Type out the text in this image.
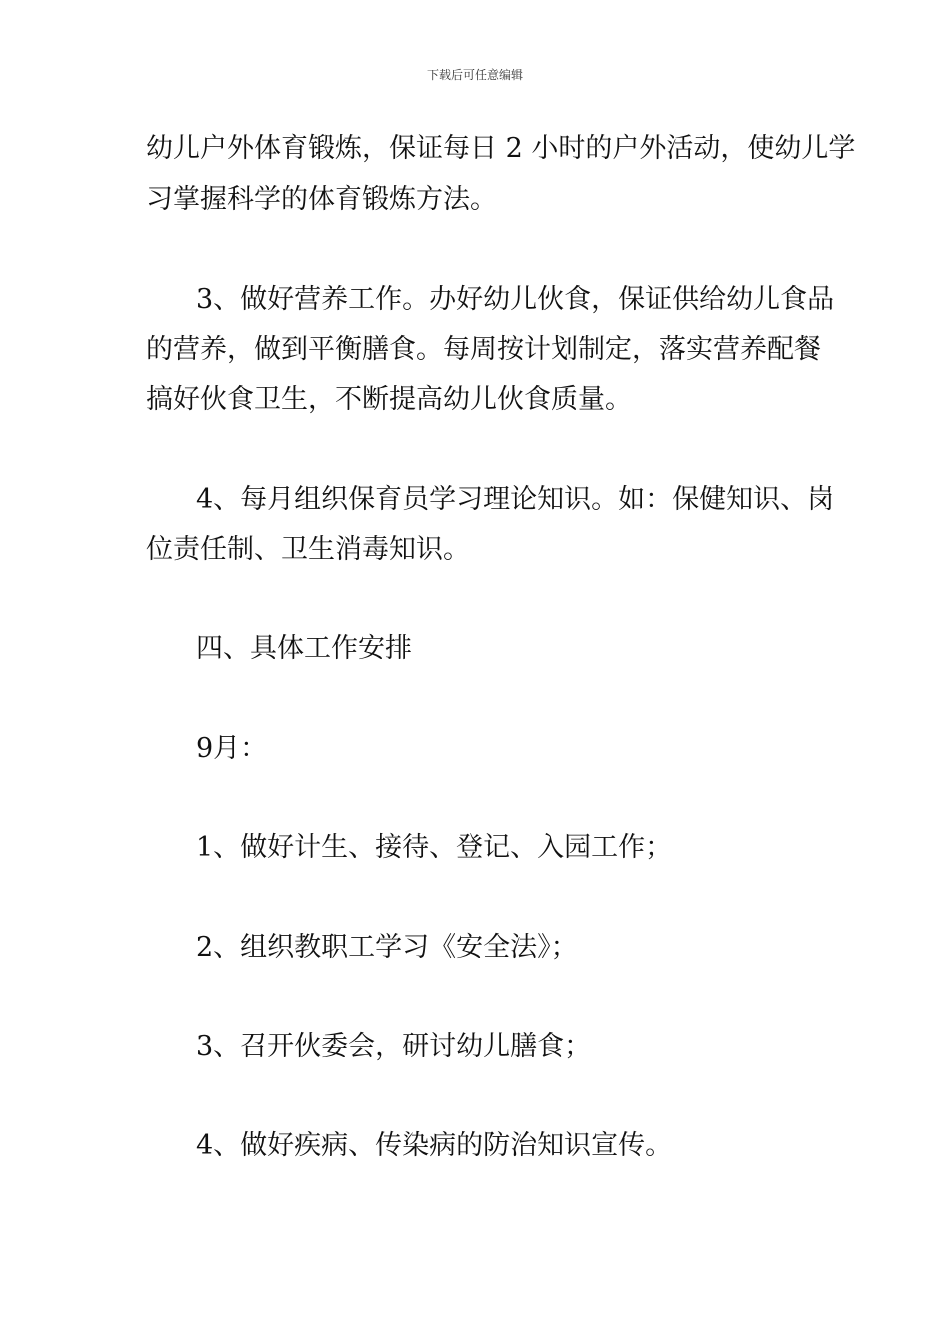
下载后可任意编辑
幼儿户外体育锻炼，保证每日 2 小时的户外活动，使幼儿学
习掌握科学的体育锻炼方法。
3、做好营养工作。办好幼儿伙食，保证供给幼儿食品
的营养，做到平衡膳食。每周按计划制定，落实营养配餐
搞好伙食卫生，不断提高幼儿伙食质量。
4、每月组织保育员学习理论知识。如：保健知识、岗
位责任制、卫生消毒知识。
四、具体工作安排
9月：
1、做好计生、接待、登记、入园工作；
2、组织教职工学习《安全法》；
3、召开伙委会，研讨幼儿膳食；
4、做好疾病、传染病的防治知识宣传。
